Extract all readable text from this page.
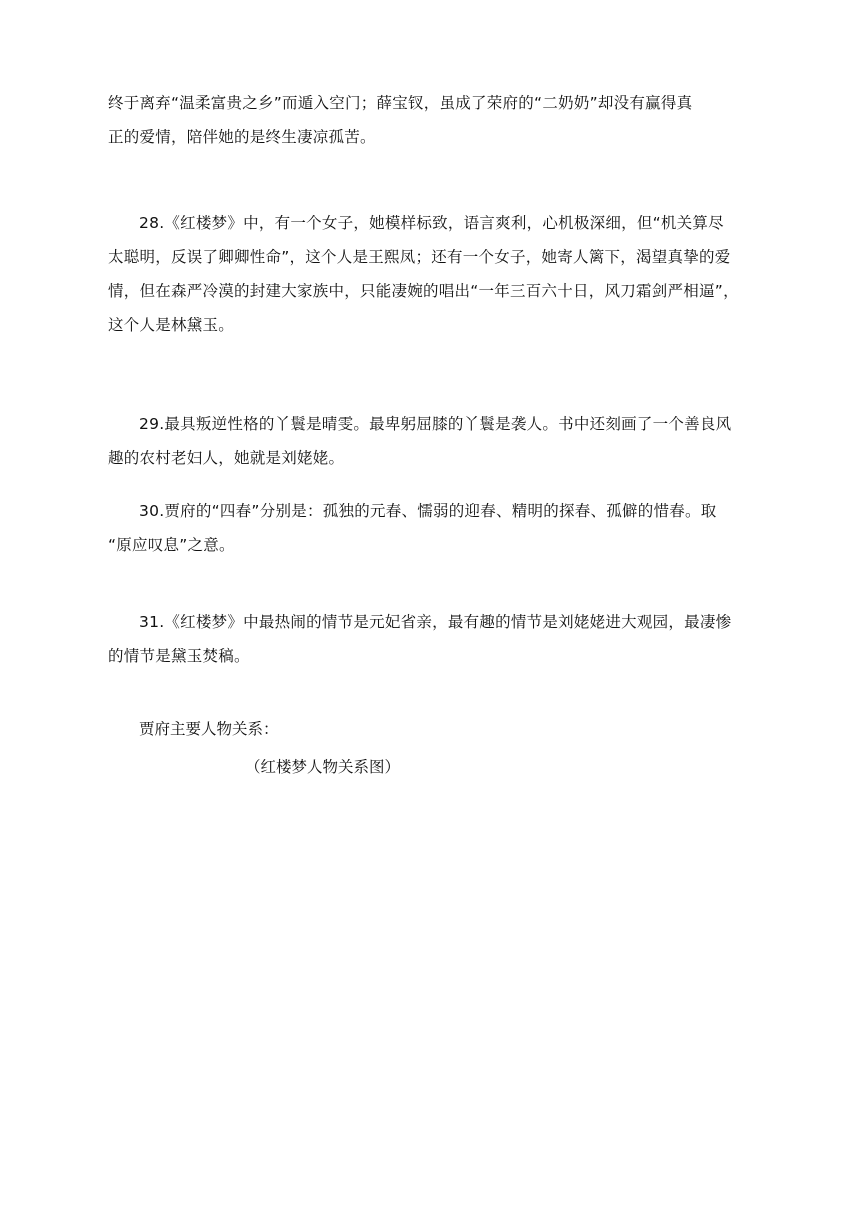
终于离弃“温柔富贵之乡”而遁入空门；薛宝钗，虽成了荣府的“二奶奶”却没有赢得真
正的爱情，陪伴她的是终生凄凉孤苦。

28.《红楼梦》中，有一个女子，她模样标致，语言爽利，心机极深细，但“机关算尽
太聪明，反误了卿卿性命”，这个人是王熙凤；还有一个女子，她寄人篱下，渴望真挚的爱
情，但在森严冷漠的封建大家族中，只能凄婉的唱出“一年三百六十日，风刀霜剑严相逼”，
这个人是林黛玉。

29.最具叛逆性格的丫鬟是晴雯。最卑躬屈膝的丫鬟是袭人。书中还刻画了一个善良风
趣的农村老妇人，她就是刘姥姥。

30.贾府的“四春”分别是：孤独的元春、懦弱的迎春、精明的探春、孤僻的惜春。取
“原应叹息”之意。

31.《红楼梦》中最热闹的情节是元妃省亲，最有趣的情节是刘姥姥进大观园，最凄惨
的情节是黛玉焚稿。

贾府主要人物关系：
（红楼梦人物关系图）
